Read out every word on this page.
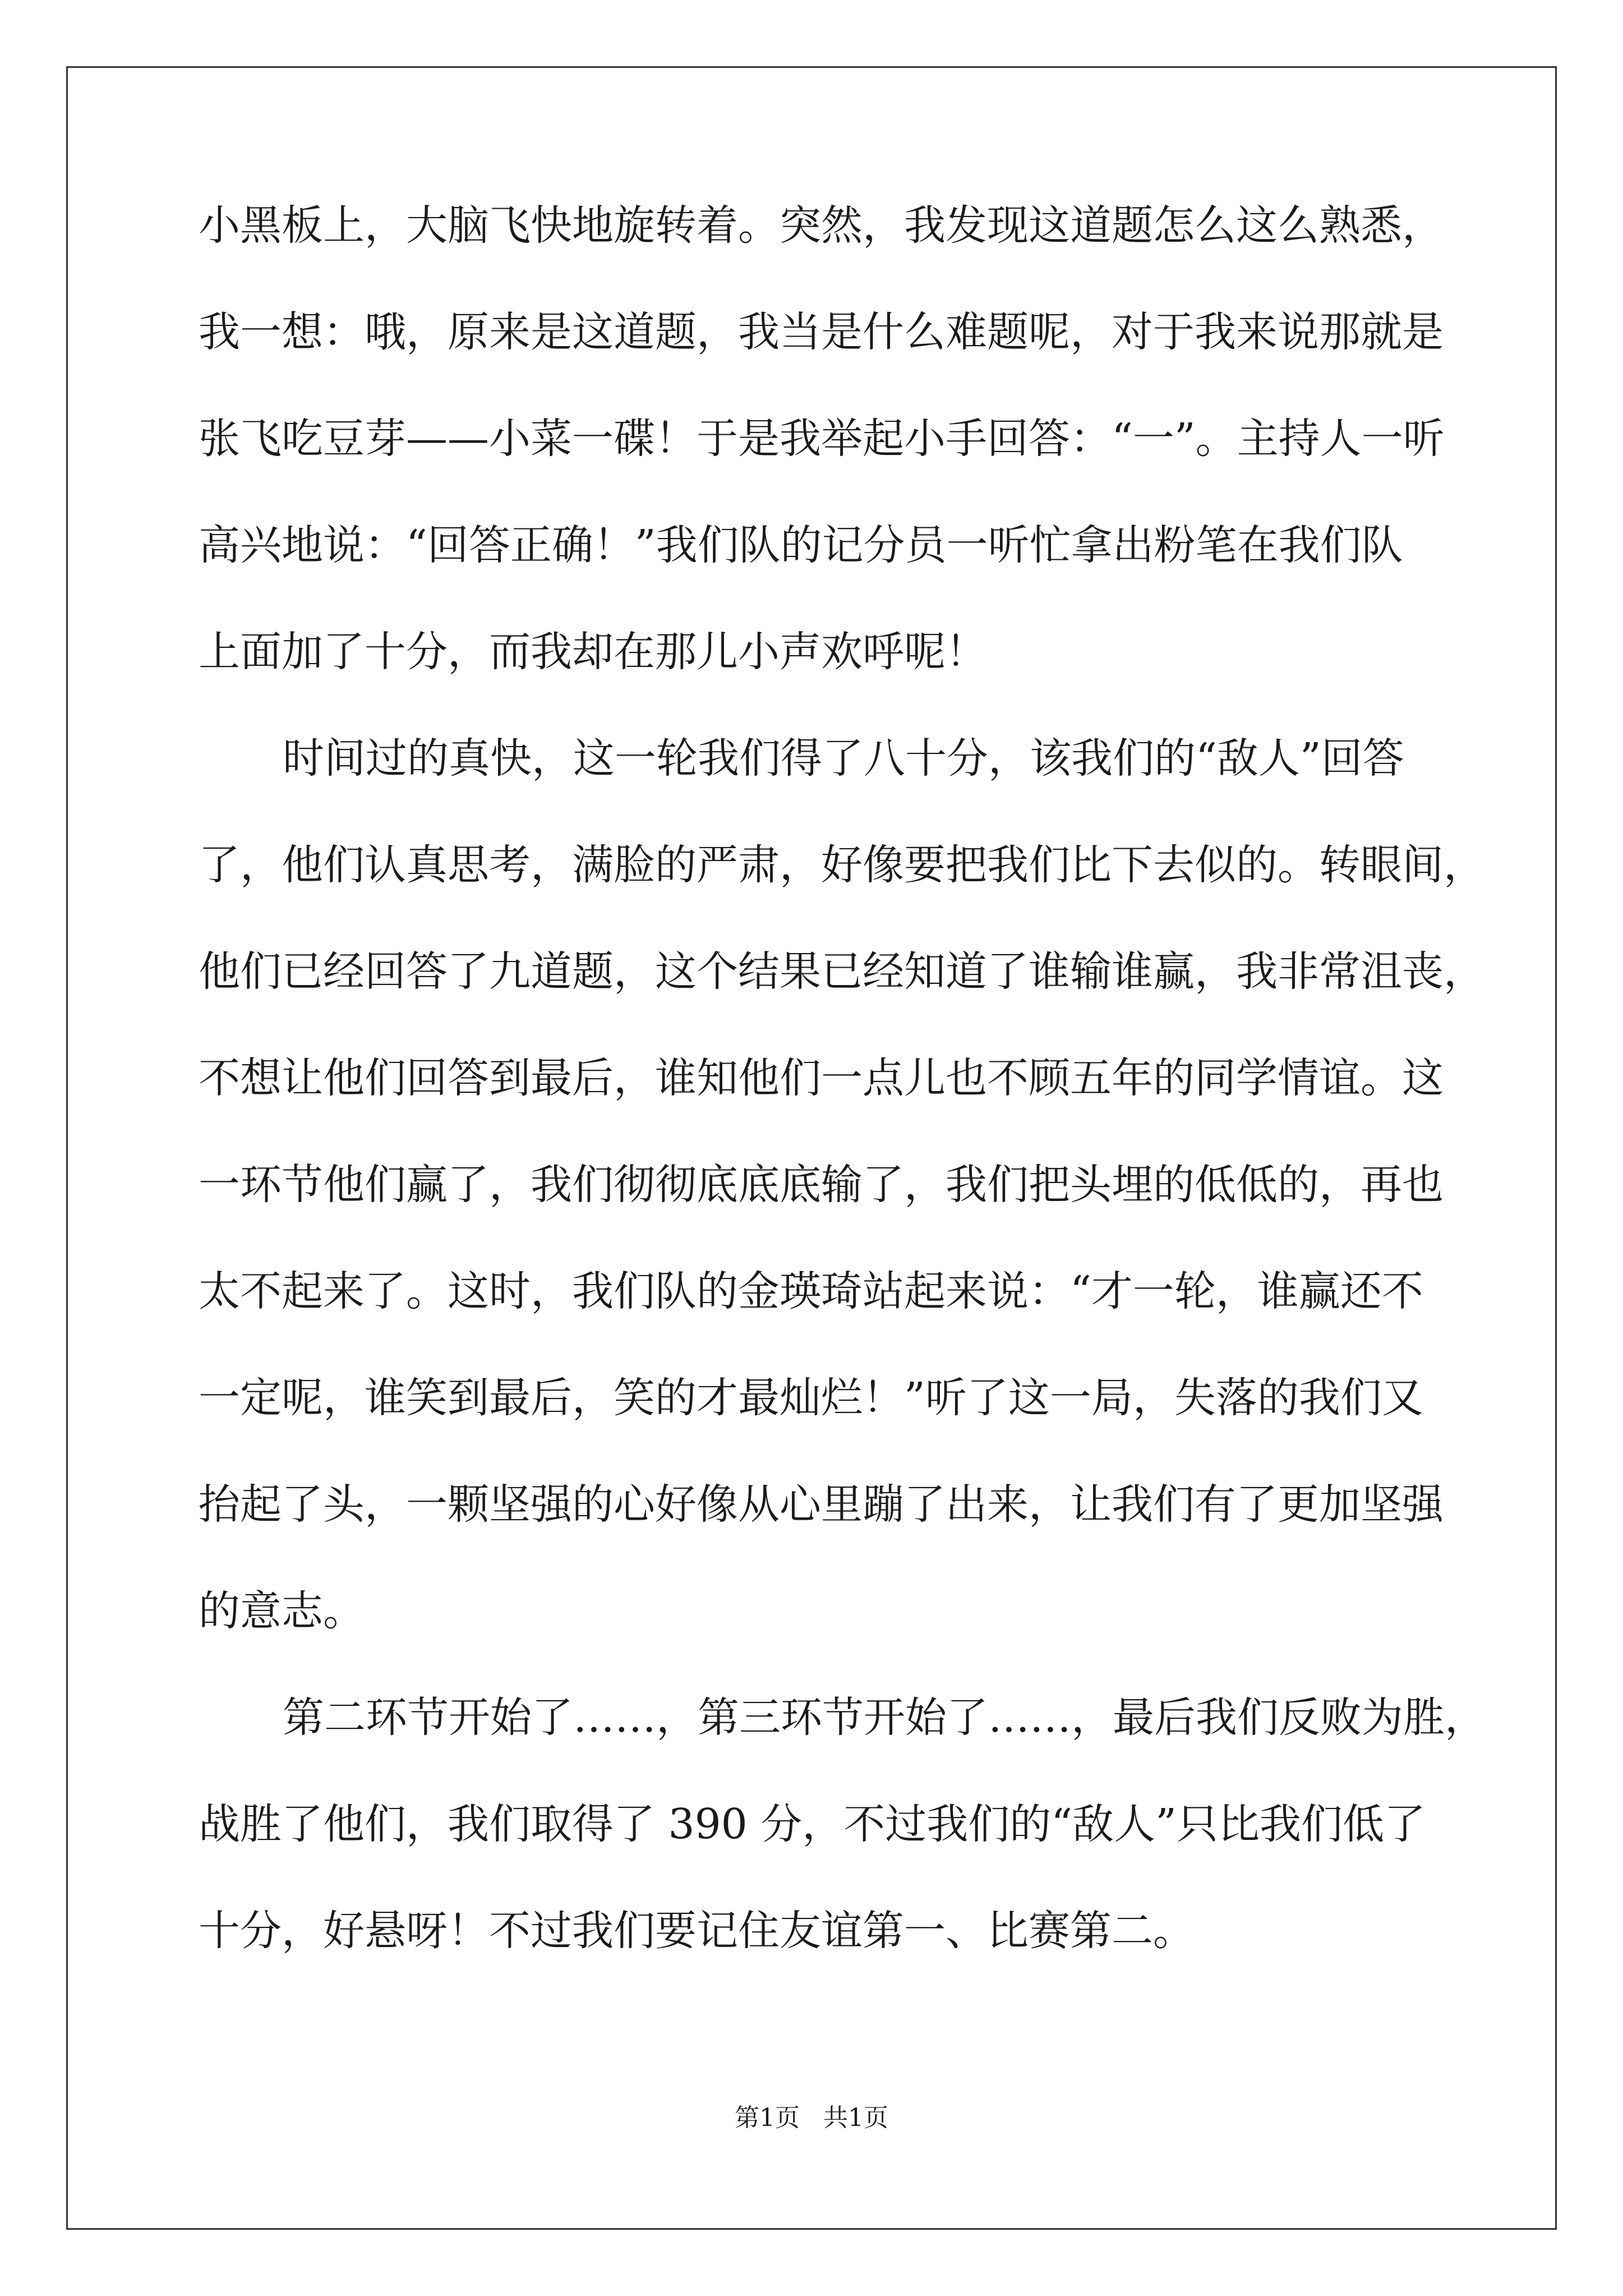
小黑板上，大脑飞快地旋转着。突然，我发现这道题怎么这么熟悉，
我一想：哦，原来是这道题，我当是什么难题呢，对于我来说那就是
张飞吃豆芽——小菜一碟！于是我举起小手回答：“一”。主持人一听
高兴地说：“回答正确！”我们队的记分员一听忙拿出粉笔在我们队
上面加了十分，而我却在那儿小声欢呼呢！
时间过的真快，这一轮我们得了八十分，该我们的“敌人”回答
了，他们认真思考，满脸的严肃，好像要把我们比下去似的。转眼间，
他们已经回答了九道题，这个结果已经知道了谁输谁赢，我非常沮丧，
不想让他们回答到最后，谁知他们一点儿也不顾五年的同学情谊。这
一环节他们赢了，我们彻彻底底底输了，我们把头埋的低低的，再也
太不起来了。这时，我们队的金瑛琦站起来说：“才一轮，谁赢还不
一定呢，谁笑到最后，笑的才最灿烂！”听了这一局，失落的我们又
抬起了头，一颗坚强的心好像从心里蹦了出来，让我们有了更加坚强
的意志。
第二环节开始了……，第三环节开始了……，最后我们反败为胜，
战胜了他们，我们取得了 390 分，不过我们的“敌人”只比我们低了
十分，好悬呀！不过我们要记住友谊第一、比赛第二。
第1页   共1页
